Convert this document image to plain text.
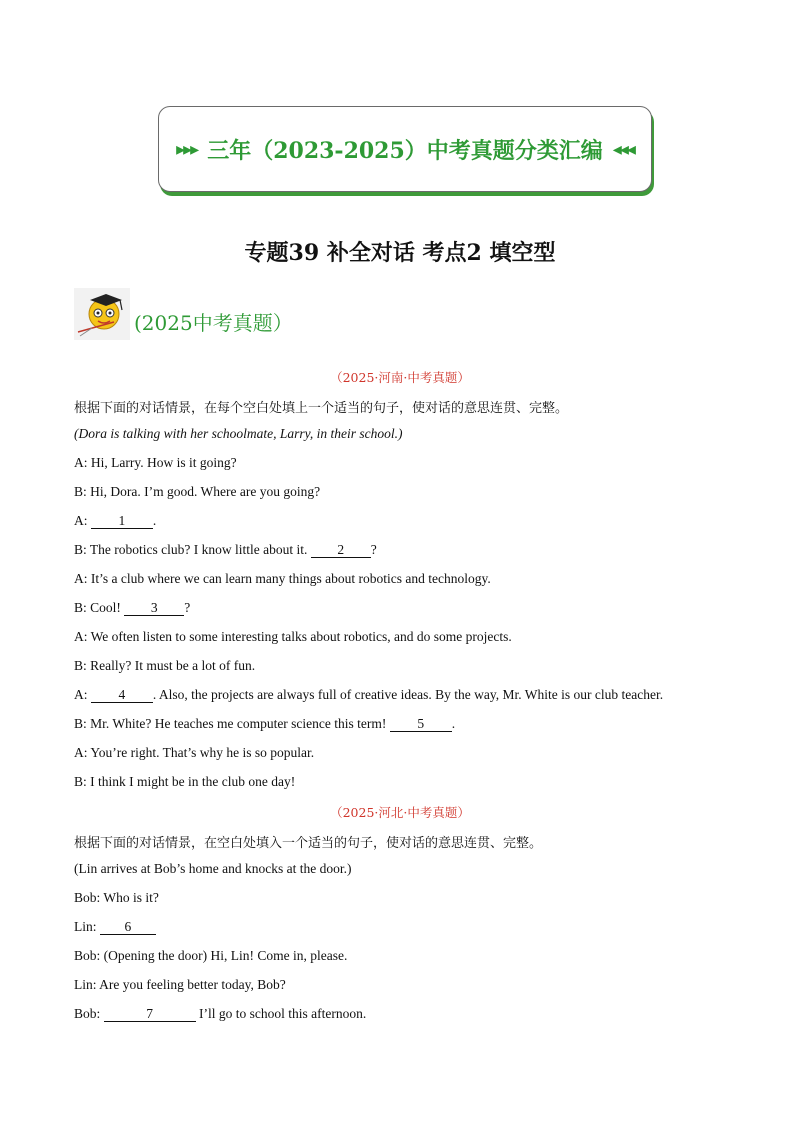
▸▸▸ 三年（2023-2025）中考真题分类汇编 ◂◂◂
专题39 补全对话 考点2 填空型
(2025中考真题）
（2025·河南·中考真题）
根据下面的对话情景，在每个空白处填上一个适当的句子，使对话的意思连贯、完整。
(Dora is talking with her schoolmate, Larry, in their school.)
A: Hi, Larry. How is it going?
B: Hi, Dora. I’m good. Where are you going?
A: 1 .
B: The robotics club? I know little about it. 2 ?
A: It’s a club where we can learn many things about robotics and technology.
B: Cool! 3 ?
A: We often listen to some interesting talks about robotics, and do some projects.
B: Really? It must be a lot of fun.
A: 4 . Also, the projects are always full of creative ideas. By the way, Mr. White is our club teacher.
B: Mr. White? He teaches me computer science this term! 5 .
A: You’re right. That’s why he is so popular.
B: I think I might be in the club one day!
（2025·河北·中考真题）
根据下面的对话情景，在空白处填入一个适当的句子，使对话的意思连贯、完整。
(Lin arrives at Bob’s home and knocks at the door.)
Bob: Who is it?
Lin: 6
Bob: (Opening the door) Hi, Lin! Come in, please.
Lin: Are you feeling better today, Bob?
Bob:	7	I’ll go to school this afternoon.
